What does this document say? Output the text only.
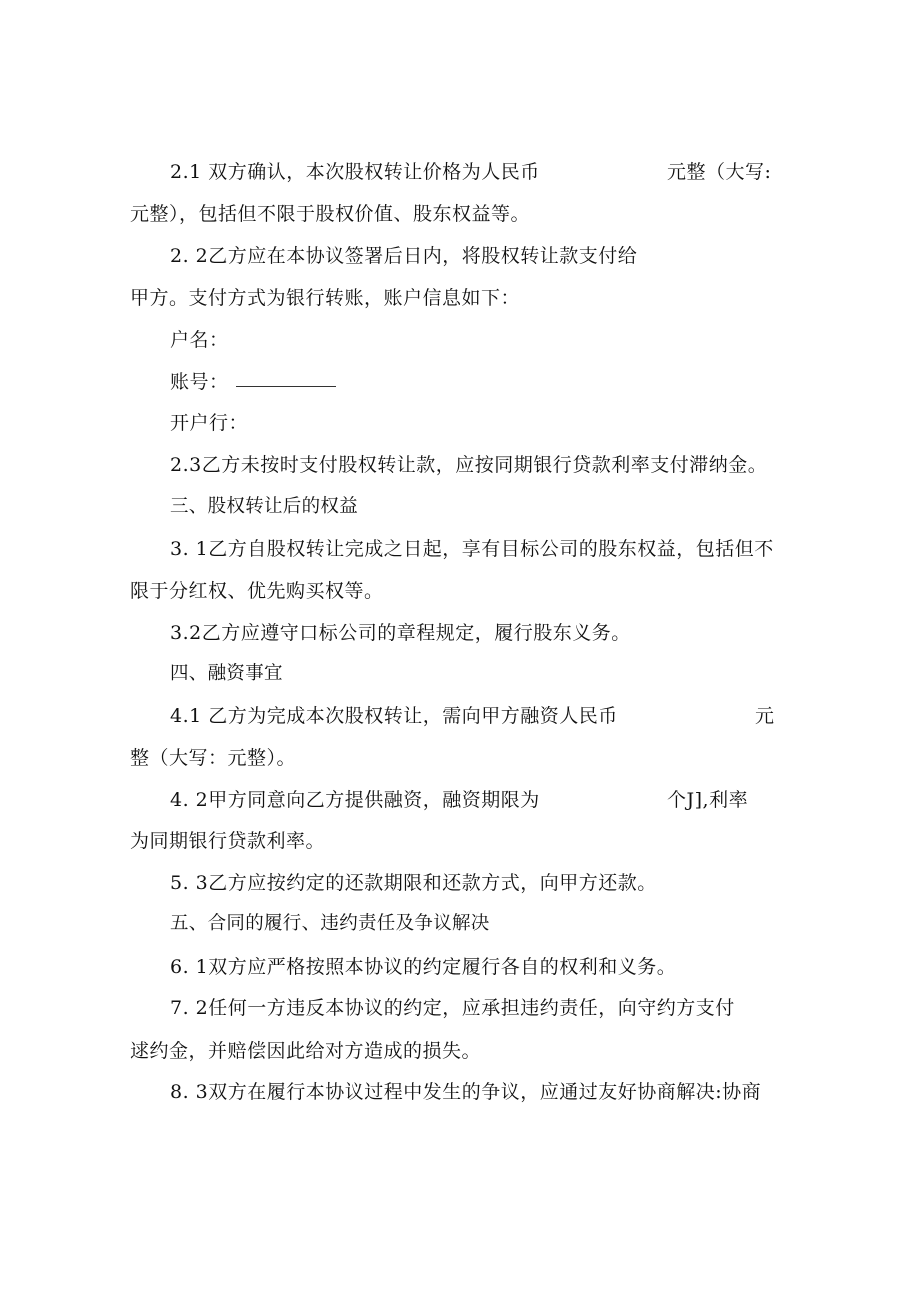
2.1 双方确认，本次股权转让价格为人民币	元整（大写:
元整），包括但不限于股权价值、股东权益等。
2. 2乙方应在本协议签署后日内，将股权转让款支付给
甲方。支付方式为银行转账，账户信息如下：
户名：
账号：
开户行：
2.3乙方未按时支付股权转让款，应按同期银行贷款利率支付滞纳金。
三、股权转让后的权益
3. 1乙方自股权转让完成之日起，享有目标公司的股东权益，包括但不
限于分红权、优先购买权等。
3.2乙方应遵守口标公司的章程规定，履行股东义务。
四、融资事宜
4.1 乙方为完成本次股权转让，需向甲方融资人民币	元
整（大写：元整）。
4. 2甲方同意向乙方提供融资，融资期限为	个J],利率
为同期银行贷款利率。
5. 3乙方应按约定的还款期限和还款方式，向甲方还款。
五、合同的履行、违约责任及争议解决
6. 1双方应严格按照本协议的约定履行各自的权利和义务。
7. 2任何一方违反本协议的约定，应承担违约责任，向守约方支付
逑约金，并赔偿因此给对方造成的损失。
8. 3双方在履行本协议过程中发生的争议，应通过友好协商解决:协商
